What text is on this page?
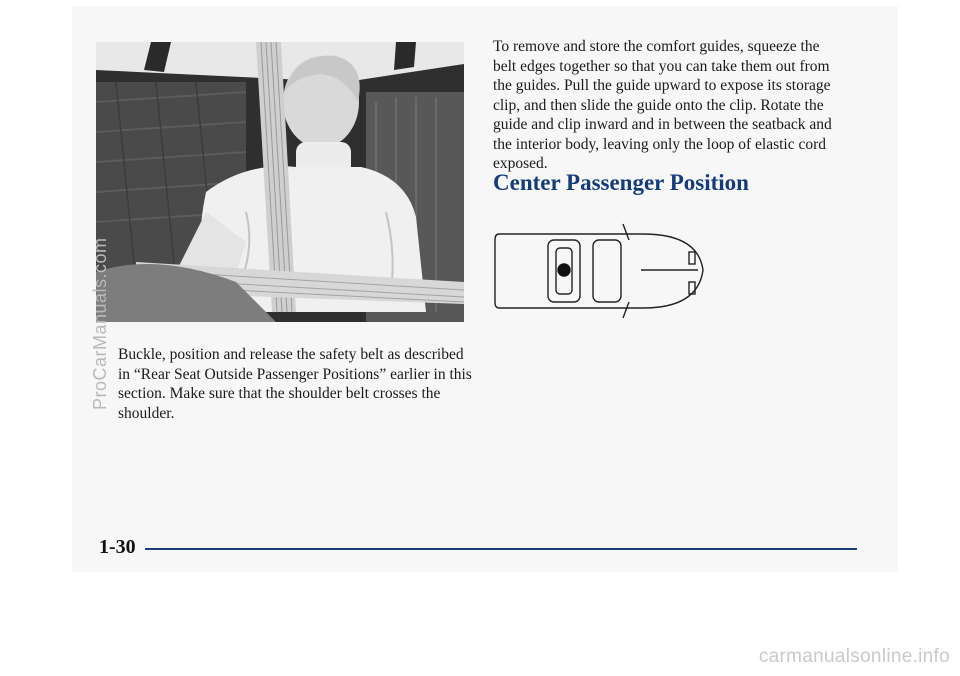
Buckle, position and release the safety belt as described in “Rear Seat Outside Passenger Positions” earlier in this section. Make sure that the shoulder belt crosses the shoulder.
To remove and store the comfort guides, squeeze the belt edges together so that you can take them out from the guides. Pull the guide upward to expose its storage clip, and then slide the guide onto the clip. Rotate the guide and clip inward and in between the seatback and the interior body, leaving only the loop of elastic cord exposed.
Center Passenger Position
1-30
ProCarManuals.com
carmanualsonline.info
